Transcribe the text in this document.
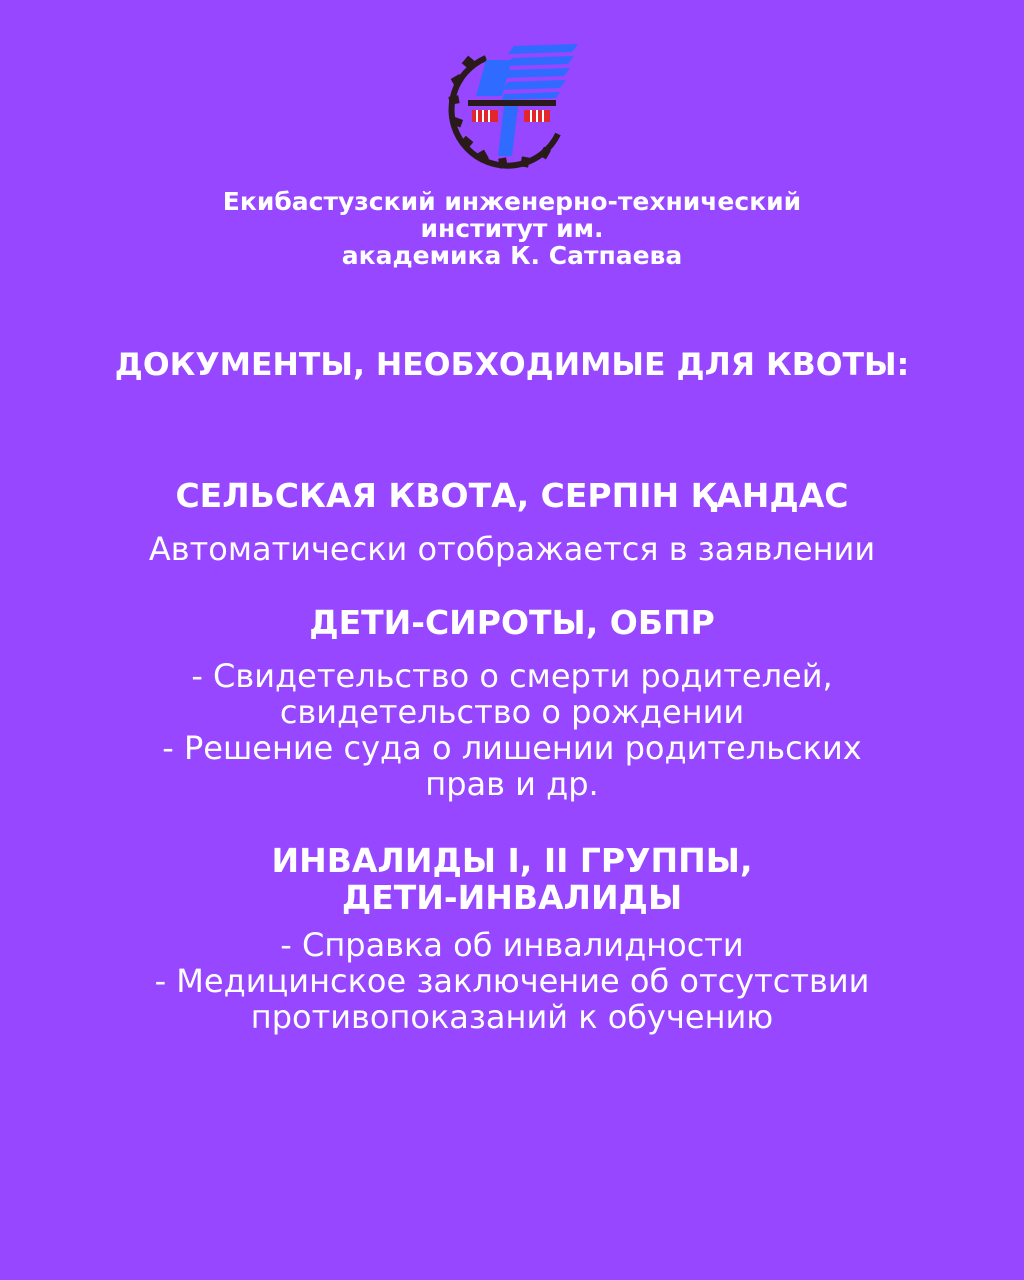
Екибастузский инженерно-технический
институт им.
академика К. Сатпаева
ДОКУМЕНТЫ, НЕОБХОДИМЫЕ ДЛЯ КВОТЫ:
СЕЛЬСКАЯ КВОТА, СЕРПІН ҚАНДАС
Автоматически отображается в заявлении
ДЕТИ-СИРОТЫ, ОБПР
- Свидетельство о смерти родителей,
свидетельство о рождении
- Решение суда о лишении родительских
прав и др.
ИНВАЛИДЫ I, II ГРУППЫ,
ДЕТИ-ИНВАЛИДЫ
- Справка об инвалидности
- Медицинское заключение об отсутствии
противопоказаний к обучению
